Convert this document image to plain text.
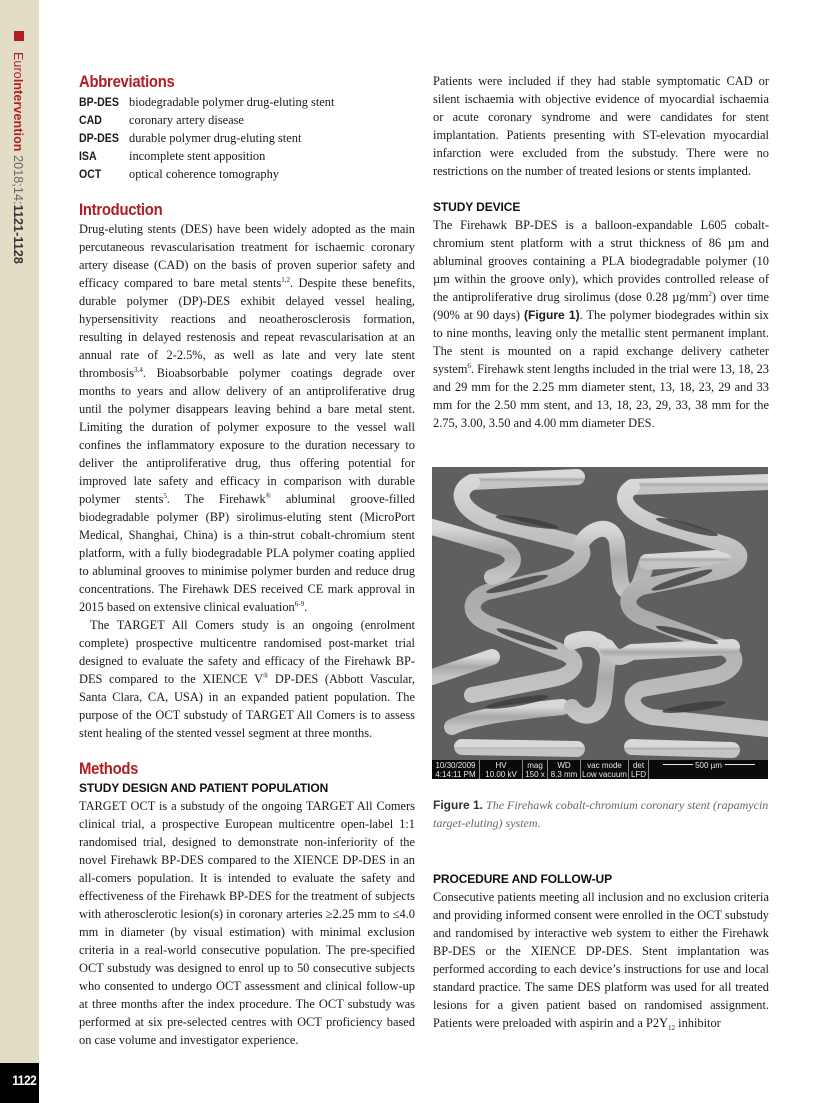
EuroIntervention 2018;14:1121-1128
1122
Abbreviations
BP-DES biodegradable polymer drug-eluting stent
CAD	coronary artery disease
DP-DES durable polymer drug-eluting stent
ISA	incomplete stent apposition
OCT	optical coherence tomography
Introduction

Drug-eluting stents (DES) have been widely adopted as the main percutaneous revascularisation treatment for ischaemic coronary artery disease (CAD) on the basis of proven superior safety and efficacy compared to bare metal stents$^{1,2}$. Despite these benefits, durable polymer (DP)-DES exhibit delayed vessel healing, hypersensitivity reactions and neoatherosclerosis formation, resulting in delayed restenosis and repeat revascularisation at an annual rate of 2-2.5%, as well as late and very late stent thrombosis$^{3,4}$. Bioabsorbable polymer coatings degrade over months to years and allow delivery of an antiproliferative drug until the polymer disappears leaving behind a bare metal stent. Limiting the duration of polymer exposure to the vessel wall confines the inflammatory exposure to the duration necessary to deliver the antiproliferative drug, thus offering potential for improved late safety and efficacy in comparison with durable polymer stents$^5$. The Firehawk® abluminal groove-filled biodegradable polymer (BP) sirolimus-eluting stent (MicroPort Medical, Shanghai, China) is a thin-strut cobalt-chromium stent platform, with a fully biodegradable PLA polymer coating applied to abluminal grooves to minimise polymer burden and reduce drug concentrations. The Firehawk DES received CE mark approval in 2015 based on extensive clinical evaluation$^{6-9}$.

The TARGET All Comers study is an ongoing (enrolment complete) prospective multicentre randomised post-market trial designed to evaluate the safety and efficacy of the Firehawk BP-DES compared to the XIENCE V® DP-DES (Abbott Vascular, Santa Clara, CA, USA) in an expanded patient population. The purpose of the OCT substudy of TARGET All Comers is to assess stent healing of the stented vessel segment at three months.

Methods
STUDY DESIGN AND PATIENT POPULATION

TARGET OCT is a substudy of the ongoing TARGET All Comers clinical trial, a prospective European multicentre open-label 1:1 randomised trial, designed to demonstrate non-inferiority of the novel Firehawk BP-DES compared to the XIENCE DP-DES in an all-comers population. It is intended to evaluate the safety and effectiveness of the Firehawk BP-DES for the treatment of subjects with atherosclerotic lesion(s) in coronary arteries ≥2.25 mm to ≤4.0 mm in diameter (by visual estimation) with minimal exclusion criteria in a real-world consecutive population. The pre-specified OCT substudy was designed to enrol up to 50 consecutive subjects who consented to undergo OCT assessment and clinical follow-up at three months after the index procedure. The OCT substudy was performed at six pre-selected centres with OCT proficiency based on case volume and investigator experience.

Patients were included if they had stable symptomatic CAD or silent ischaemia with objective evidence of myocardial ischaemia or acute coronary syndrome and were candidates for stent implantation. Patients presenting with ST-elevation myocardial infarction were excluded from the substudy. There were no restrictions on the number of treated lesions or stents implanted.

STUDY DEVICE

The Firehawk BP-DES is a balloon-expandable L605 cobalt-chromium stent platform with a strut thickness of 86 µm and abluminal grooves containing a PLA biodegradable polymer (10 µm within the groove only), which provides controlled release of the antiproliferative drug sirolimus (dose 0.28 $\mu g/mm^2$) over time (90% at 90 days) (Figure 1). The polymer biodegrades within six to nine months, leaving only the metallic stent permanent implant. The stent is mounted on a rapid exchange delivery catheter system$^6$. Firehawk stent lengths included in the trial were 13, 18, 23 and 29 mm for the 2.25 mm diameter stent, 13, 18, 23, 29 and 33 mm for the 2.50 mm stent, and 13, 18, 23, 29, 33, 38 mm for the 2.75, 3.00, 3.50 and 4.00 mm diameter DES.

10/30/2009
4:14:11 PM
HV
10.00 kV
mag
150 x
WD
8.3 mm
vac mode
Low vacuum
det
LFD
500 µm
Figure 1. The Firehawk cobalt-chromium coronary stent (rapamycin target-eluting) system.
PROCEDURE AND FOLLOW-UP

Consecutive patients meeting all inclusion and no exclusion criteria and providing informed consent were enrolled in the OCT substudy and randomised by interactive web system to either the Firehawk BP-DES or the XIENCE DP-DES. Stent implantation was performed according to each device’s instructions for use and local standard practice. The same DES platform was used for all treated lesions for a given patient based on randomised assignment. Patients were preloaded with aspirin and a $P2Y_{12}$ inhibitor
